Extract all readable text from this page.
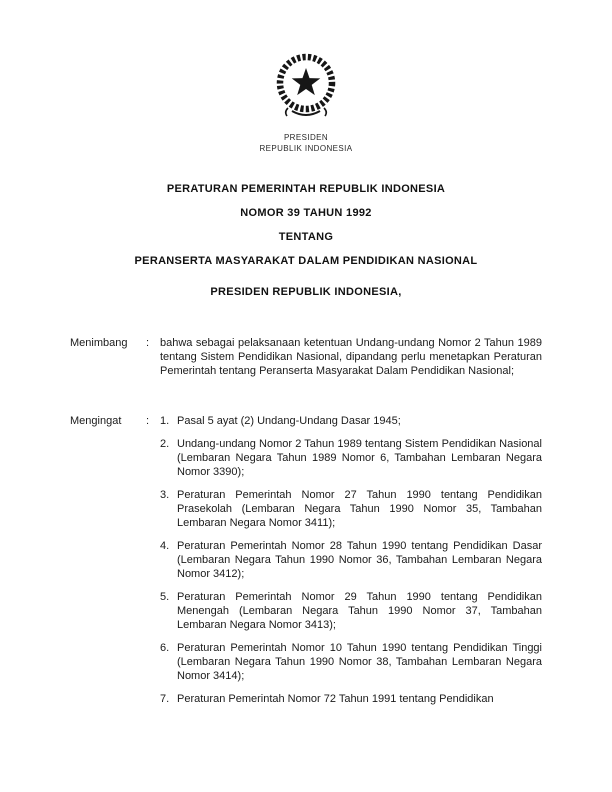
PRESIDEN
REPUBLIK INDONESIA
PERATURAN PEMERINTAH REPUBLIK INDONESIA
NOMOR 39 TAHUN 1992
TENTANG
PERANSERTA MASYARAKAT DALAM PENDIDIKAN NASIONAL
PRESIDEN REPUBLIK INDONESIA,
Menimbang	: bahwa sebagai pelaksanaan ketentuan Undang-undang Nomor 2 Tahun 1989 tentang Sistem Pendidikan Nasional, dipandang perlu menetapkan Peraturan Pemerintah tentang Peranserta Masyarakat Dalam Pendidikan Nasional;
Mengingat	: 1. Pasal 5 ayat (2) Undang-Undang Dasar 1945;
2. Undang-undang Nomor 2 Tahun 1989 tentang Sistem Pendidikan Nasional (Lembaran Negara Tahun 1989 Nomor 6, Tambahan Lembaran Negara Nomor 3390);
3. Peraturan Pemerintah Nomor 27 Tahun 1990 tentang Pendidikan Prasekolah (Lembaran Negara Tahun 1990 Nomor 35, Tambahan Lembaran Negara Nomor 3411);
4. Peraturan Pemerintah Nomor 28 Tahun 1990 tentang Pendidikan Dasar (Lembaran Negara Tahun 1990 Nomor 36, Tambahan Lembaran Negara Nomor 3412);
5. Peraturan Pemerintah Nomor 29 Tahun 1990 tentang Pendidikan Menengah (Lembaran Negara Tahun 1990 Nomor 37, Tambahan Lembaran Negara Nomor 3413);
6. Peraturan Pemerintah Nomor 10 Tahun 1990 tentang Pendidikan Tinggi (Lembaran Negara Tahun 1990 Nomor 38, Tambahan Lembaran Negara Nomor 3414);
7. Peraturan Pemerintah Nomor 72 Tahun 1991 tentang Pendidikan
